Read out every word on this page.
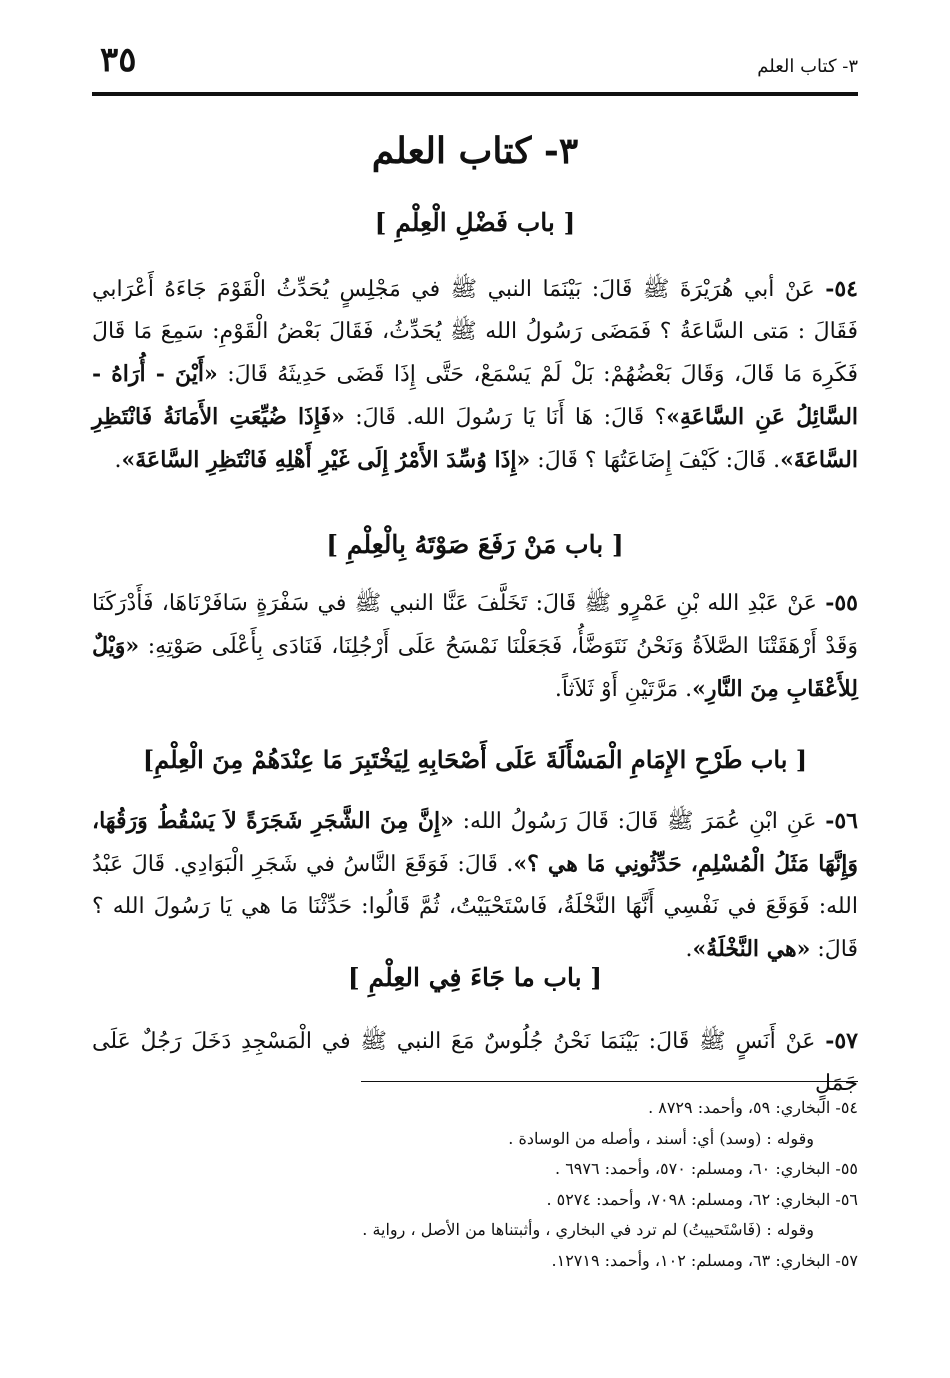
٣٥	٣- كتاب العلم
٣- كتاب العلم
[ باب فَضْلِ الْعِلْمِ ]
٥٤- عَنْ أبي هُرَيْرَةَ ﷺ قَالَ: بَيْنَمَا النبي ﷺ في مَجْلِسٍ يُحَدِّثُ الْقَوْمَ جَاءَهُ أَعْرَابي فَقَالَ : مَتى السَّاعَةُ ؟ فَمَضَى رَسُولُ الله ﷺ يُحَدِّثُ، فَقَالَ بَعْضُ الْقَوْمِ: سَمِعَ مَا قَالَ فَكَرِهَ مَا قَالَ، وَقَالَ بَعْضُهُمْ: بَلْ لَمْ يَسْمَعْ، حَتَّى إِذَا قَضَى حَدِيثَهُ قَالَ: «أَيْنَ - أُرَاهُ - السَّائِلُ عَنِ السَّاعَةِ»؟ قَالَ: هَا أَنَا يَا رَسُولَ الله. قَالَ: «فَإِذَا ضُيِّعَتِ الأَمَانَةُ فَانْتَظِرِ السَّاعَةَ». قَالَ: كَيْفَ إِضَاعَتُهَا ؟ قَالَ: «إِذَا وُسِّدَ الأَمْرُ إِلَى غَيْرِ أَهْلِهِ فَانْتَظِرِ السَّاعَةَ».
[ باب مَنْ رَفَعَ صَوْتَهُ بِالْعِلْمِ ]
٥٥- عَنْ عَبْدِ الله بْنِ عَمْرٍو ﷺ قَالَ: تَخَلَّفَ عَنَّا النبي ﷺ في سَفْرَةٍ سَافَرْنَاهَا، فَأَدْرَكَنَا وَقَدْ أَرْهَقَتْنَا الصَّلاَةُ وَنَحْنُ نَتَوَضَّأُ، فَجَعَلْنَا نَمْسَحُ عَلَى أَرْجُلِنَا، فَنَادَى بِأَعْلَى صَوْتِهِ: «وَيْلٌ لِلأَعْقَابِ مِنَ النَّارِ». مَرَّتَيْنِ أَوْ ثَلاَثاً.
[ باب طَرْحِ الإِمَامِ الْمَسْأَلَةَ عَلَى أَصْحَابِهِ لِيَخْتَبِرَ مَا عِنْدَهُمْ مِنَ الْعِلْمِ]
٥٦- عَنِ ابْنِ عُمَرَ ﷺ قَالَ: قَالَ رَسُولُ الله: «إِنَّ مِنَ الشَّجَرِ شَجَرَةً لاَ يَسْقُطُ وَرَقُهَا، وَإِنَّهَا مَثَلُ الْمُسْلِمِ، حَدِّثُونِي مَا هي ؟». قَالَ: فَوَقَعَ النَّاسُ في شَجَرِ الْبَوَادِي. قَالَ عَبْدُ الله: فَوَقَعَ في نَفْسِي أَنَّهَا النَّخْلَةُ، فَاسْتَحْيَيْتُ، ثُمَّ قَالُوا: حَدِّثْنَا مَا هي يَا رَسُولَ الله ؟ قَالَ: «هي النَّخْلَةُ».
[ باب ما جَاءَ فِي العِلْمِ ]
٥٧- عَنْ أَنَسٍ ﷺ قَالَ: بَيْنَمَا نَحْنُ جُلُوسٌ مَعَ النبي ﷺ في الْمَسْجِدِ دَخَلَ رَجُلٌ عَلَى جَمَلٍ
٥٤- البخاري: ٥٩، وأحمد: ٨٧٢٩ .
وقوله : (وسد) أي: أسند ، وأصله من الوسادة .
٥٥- البخاري: ٦٠، ومسلم: ٥٧٠، وأحمد: ٦٩٧٦ .
٥٦- البخاري: ٦٢، ومسلم: ٧٠٩٨، وأحمد: ٥٢٧٤ .
وقوله : (فَاسْتَحييتُ) لم ترد في البخاري ، وأثبتناها من الأصل ، رواية .
٥٧- البخاري: ٦٣، ومسلم: ١٠٢، وأحمد: ١٢٧١٩.
